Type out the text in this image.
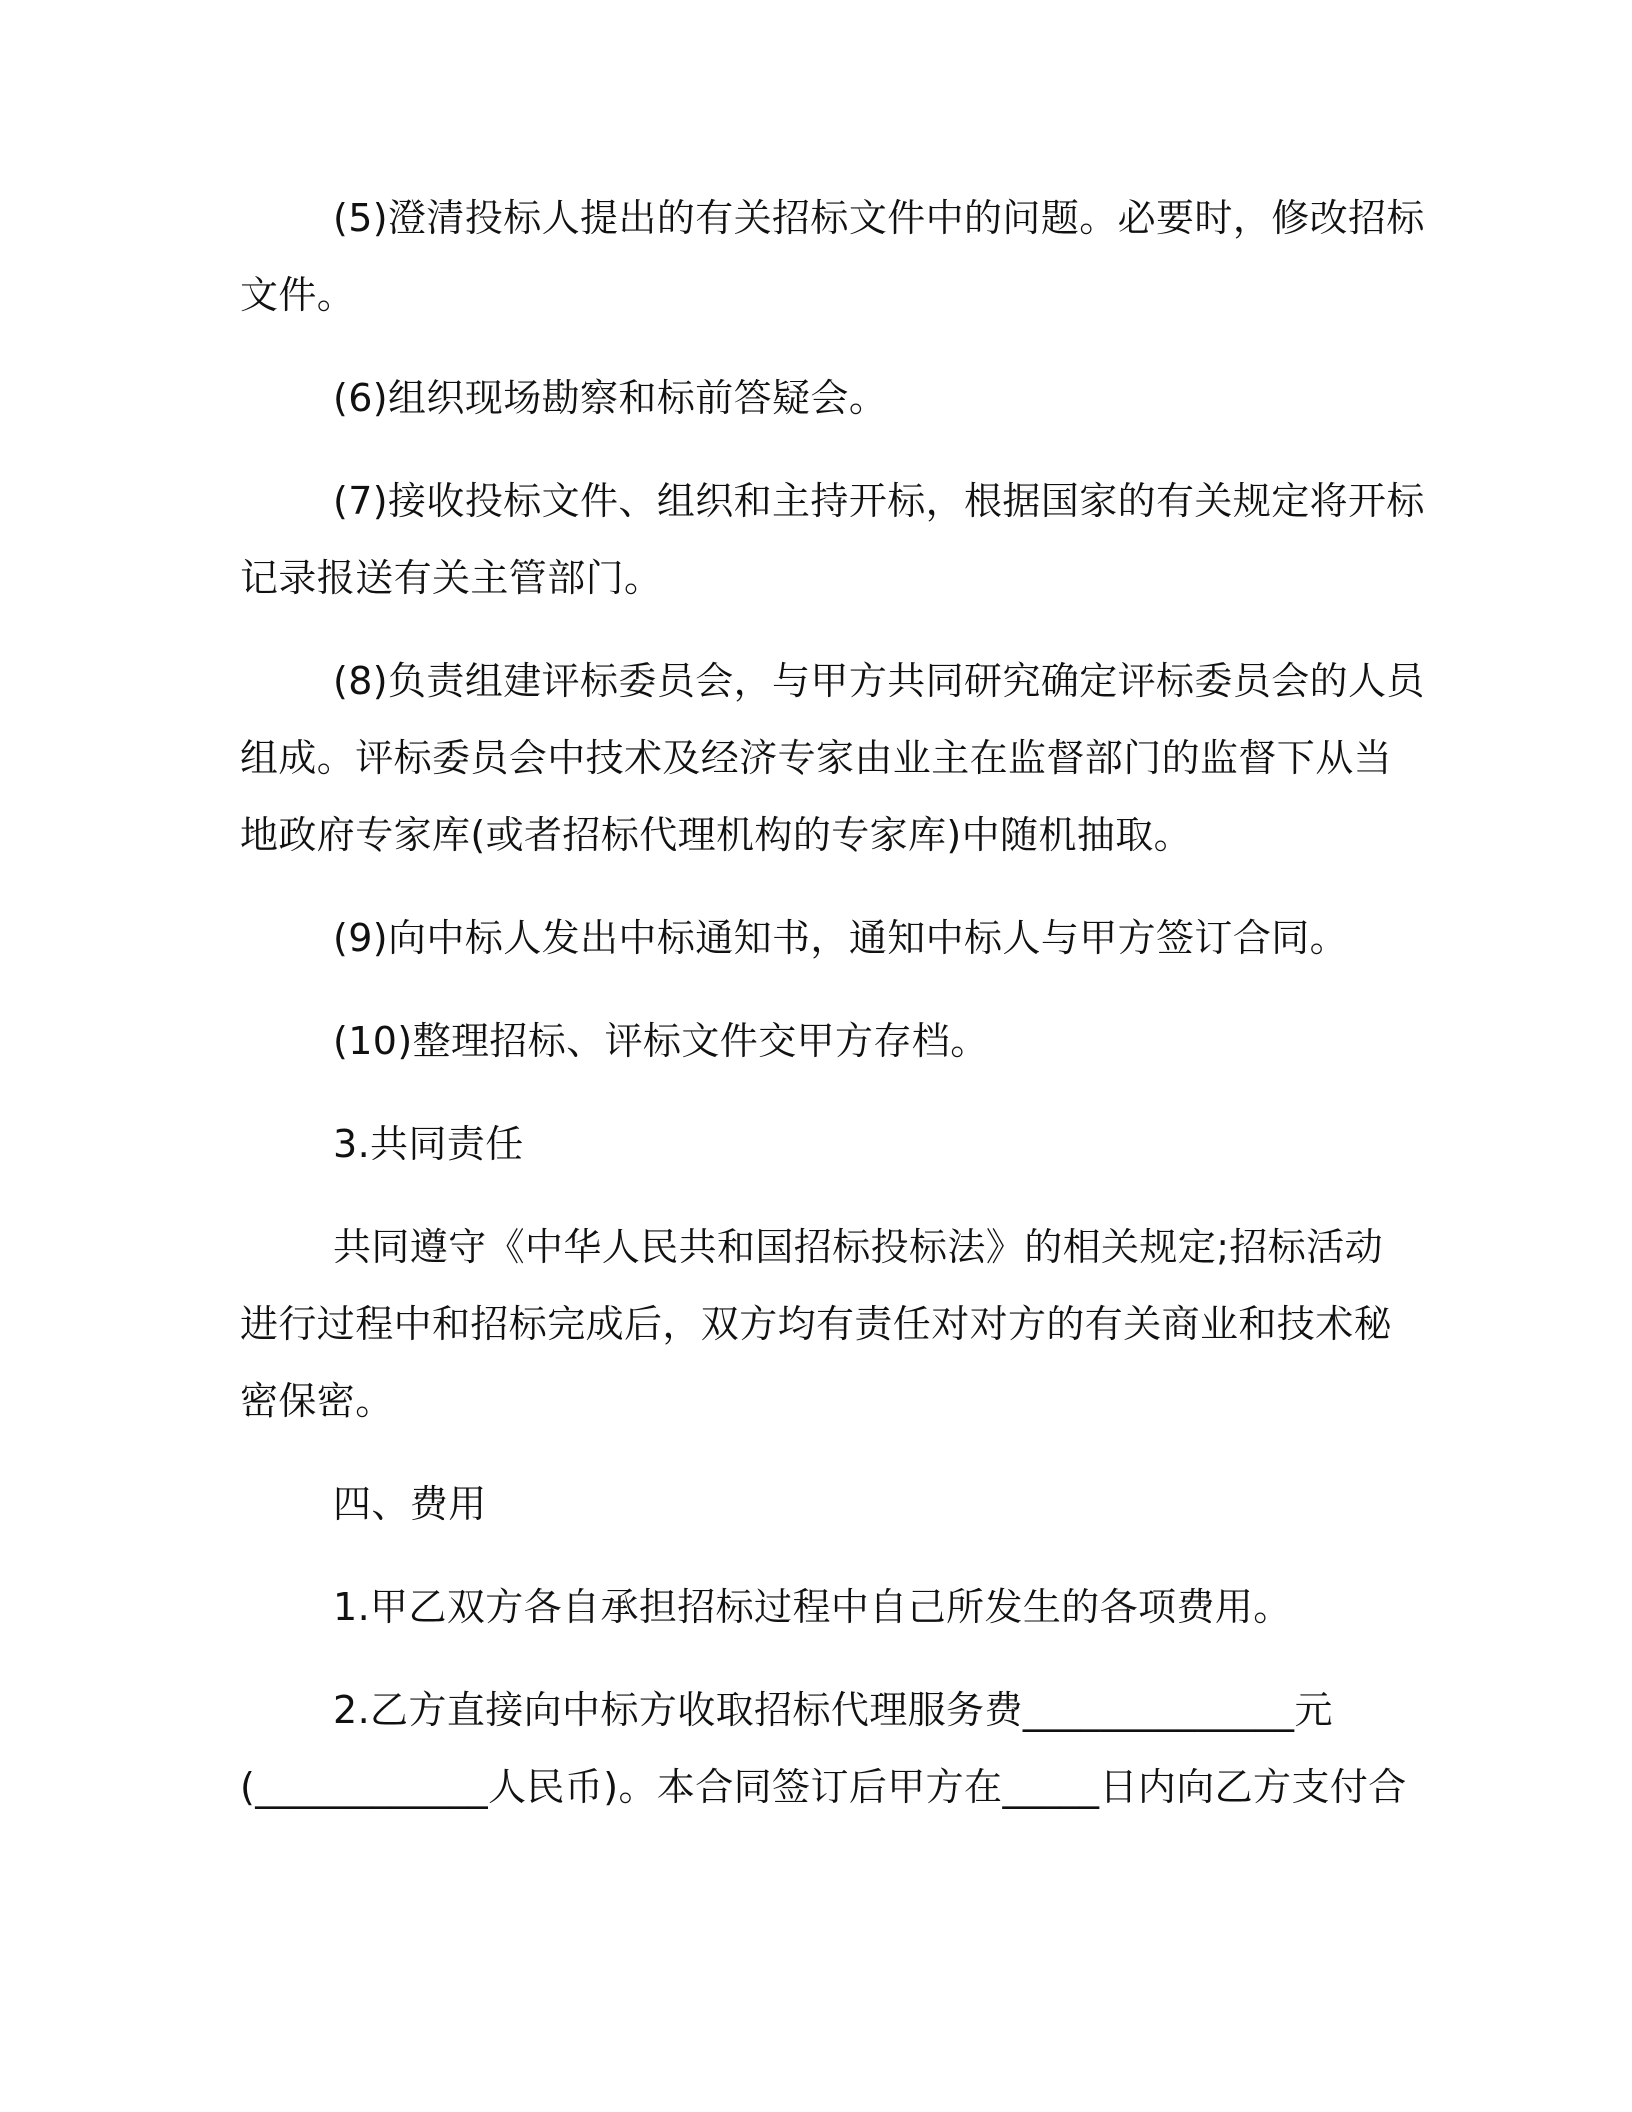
(5)澄清投标人提出的有关招标文件中的问题。必要时，修改招标
文件。
(6)组织现场勘察和标前答疑会。
(7)接收投标文件、组织和主持开标，根据国家的有关规定将开标
记录报送有关主管部门。
(8)负责组建评标委员会，与甲方共同研究确定评标委员会的人员
组成。评标委员会中技术及经济专家由业主在监督部门的监督下从当
地政府专家库(或者招标代理机构的专家库)中随机抽取。
(9)向中标人发出中标通知书，通知中标人与甲方签订合同。
(10)整理招标、评标文件交甲方存档。
3.共同责任
共同遵守《中华人民共和国招标投标法》的相关规定;招标活动
进行过程中和招标完成后，双方均有责任对对方的有关商业和技术秘
密保密。
四、费用
1.甲乙双方各自承担招标过程中自己所发生的各项费用。
2.乙方直接向中标方收取招标代理服务费______________元
(____________人民币)。本合同签订后甲方在_____日内向乙方支付合
